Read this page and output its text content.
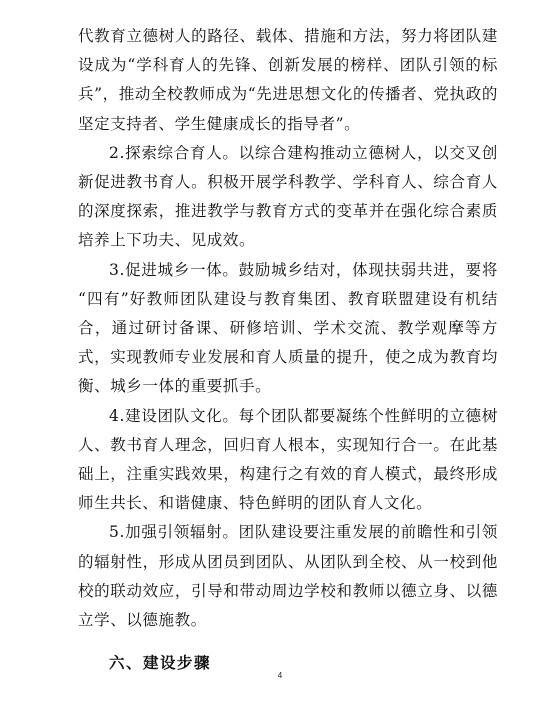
代教育立德树人的路径、载体、措施和方法，努力将团队建设成为“学科育人的先锋、创新发展的榜样、团队引领的标兵”，推动全校教师成为“先进思想文化的传播者、党执政的坚定支持者、学生健康成长的指导者”。

2.探索综合育人。以综合建构推动立德树人，以交叉创新促进教书育人。积极开展学科教学、学科育人、综合育人的深度探索，推进教学与教育方式的变革并在强化综合素质培养上下功夫、见成效。

3.促进城乡一体。鼓励城乡结对，体现扶弱共进，要将 “四有”好教师团队建设与教育集团、教育联盟建设有机结合，通过研讨备课、研修培训、学术交流、教学观摩等方式，实现教师专业发展和育人质量的提升，使之成为教育均衡、城乡一体的重要抓手。

4.建设团队文化。每个团队都要凝练个性鲜明的立德树人、教书育人理念，回归育人根本，实现知行合一。在此基础上，注重实践效果，构建行之有效的育人模式，最终形成师生共长、和谐健康、特色鲜明的团队育人文化。

5.加强引领辐射。团队建设要注重发展的前瞻性和引领的辐射性，形成从团员到团队、从团队到全校、从一校到他校的联动效应，引导和带动周边学校和教师以德立身、以德立学、以德施教。

六、建设步骤

4
